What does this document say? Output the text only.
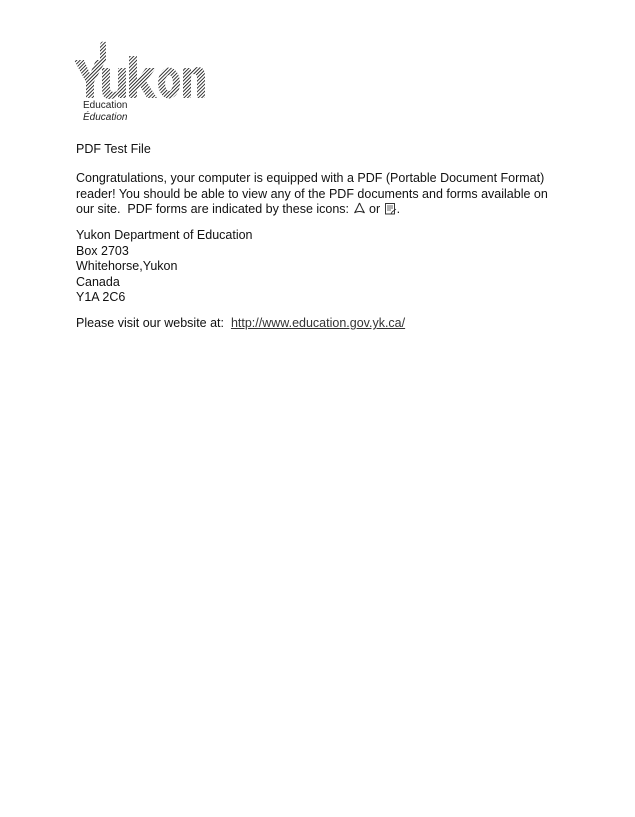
Education
Éducation
PDF Test File
Congratulations, your computer is equipped with a PDF (Portable Document Format)
reader! You should be able to view any of the PDF documents and forms available on
our site.  PDF forms are indicated by these icons:  or .
Yukon Department of Education
Box 2703
Whitehorse,Yukon
Canada
Y1A 2C6
Please visit our website at:  http://www.education.gov.yk.ca/
